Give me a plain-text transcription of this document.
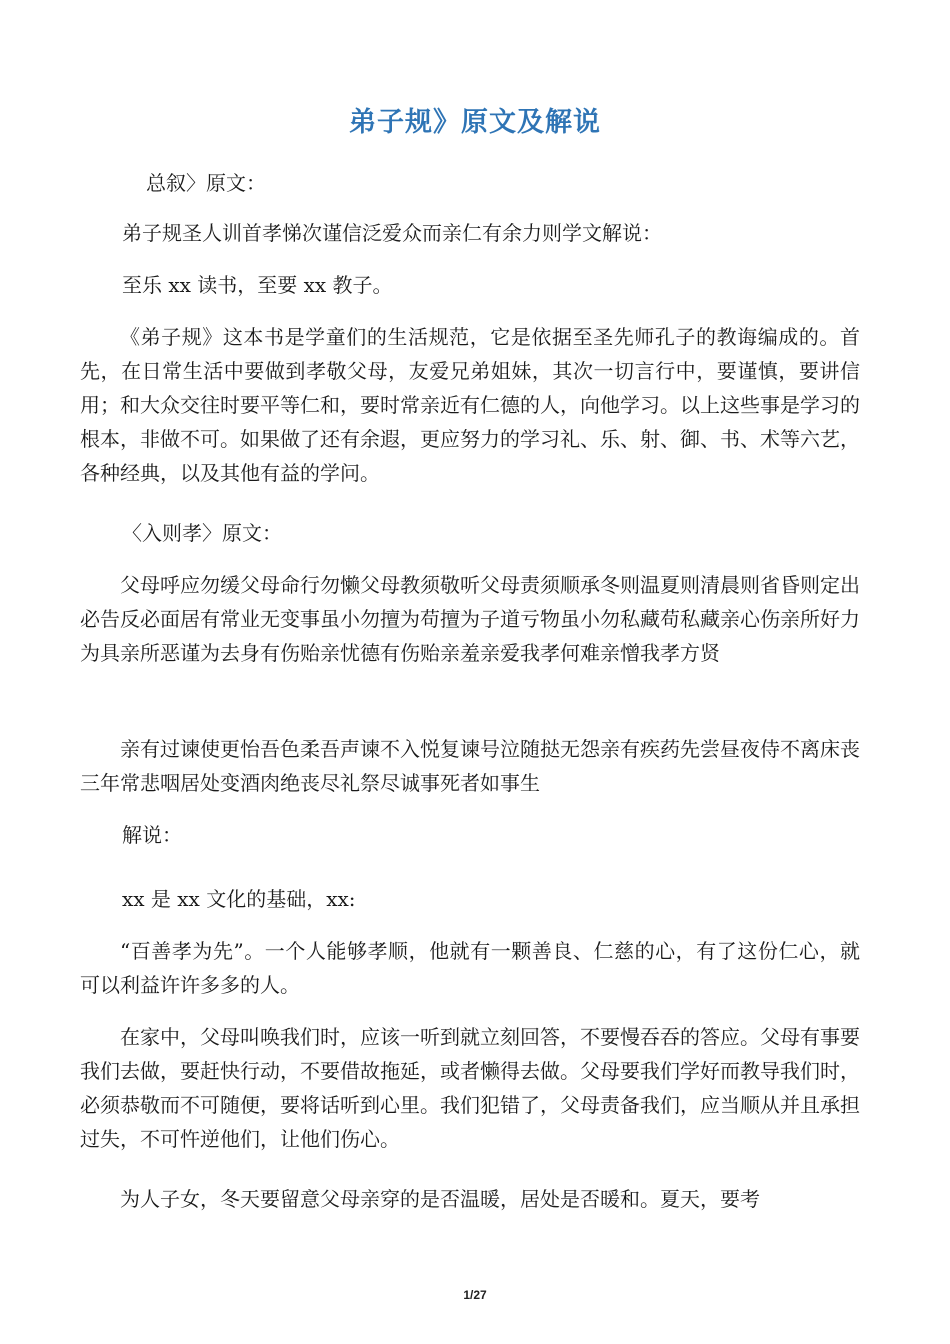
弟子规》原文及解说

总叙〉原文：

弟子规圣人训首孝悌次谨信泛爱众而亲仁有余力则学文解说：

至乐 xx 读书，至要 xx 教子。

《弟子规》这本书是学童们的生活规范，它是依据至圣先师孔子的教诲编成的。首先，在日常生活中要做到孝敬父母，友爱兄弟姐妹，其次一切言行中，要谨慎，要讲信用；和大众交往时要平等仁和，要时常亲近有仁德的人，向他学习。以上这些事是学习的根本，非做不可。如果做了还有余遐，更应努力的学习礼、乐、射、御、书、术等六艺，各种经典，以及其他有益的学问。

〈入则孝〉原文：

父母呼应勿缓父母命行勿懒父母教须敬听父母责须顺承冬则温夏则清晨则省昏则定出必告反必面居有常业无变事虽小勿擅为苟擅为子道亏物虽小勿私藏苟私藏亲心伤亲所好力为具亲所恶谨为去身有伤贻亲忧德有伤贻亲羞亲爱我孝何难亲憎我孝方贤

亲有过谏使更怡吾色柔吾声谏不入悦复谏号泣随挞无怨亲有疾药先尝昼夜侍不离床丧三年常悲咽居处变酒肉绝丧尽礼祭尽诚事死者如事生

解说：

xx 是 xx 文化的基础，xx:

“百善孝为先”。一个人能够孝顺，他就有一颗善良、仁慈的心，有了这份仁心，就可以利益许许多多的人。

在家中，父母叫唤我们时，应该一听到就立刻回答，不要慢吞吞的答应。父母有事要我们去做，要赶快行动，不要借故拖延，或者懒得去做。父母要我们学好而教导我们时，必须恭敬而不可随便，要将话听到心里。我们犯错了，父母责备我们，应当顺从并且承担过失，不可忤逆他们，让他们伤心。

为人子女，冬天要留意父母亲穿的是否温暖，居处是否暖和。夏天，要考

1/27
